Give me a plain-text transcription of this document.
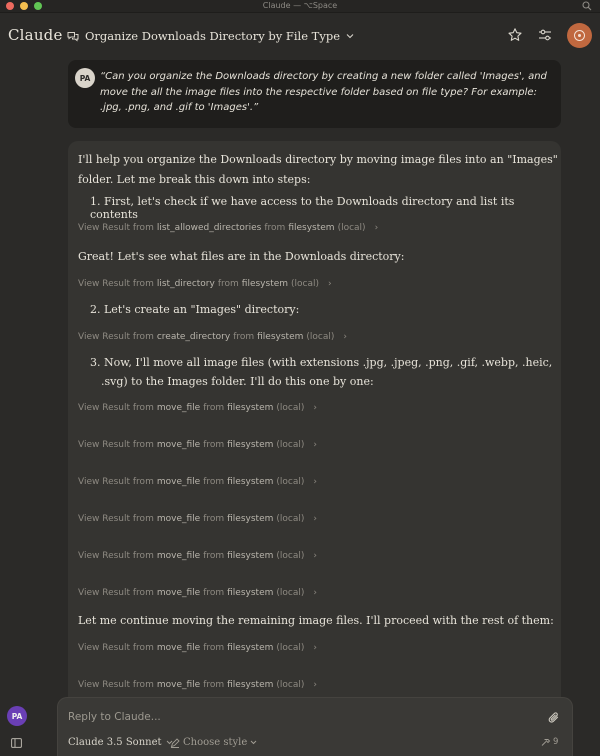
Claude — ⌥Space
Claude Organize Downloads Directory by File Type
PA “Can you organize the Downloads directory by creating a new folder called 'Images', and move the all the image files into the respective folder based on file type? For example: .jpg, .png, and .gif to 'Images'.”
I'll help you organize the Downloads directory by moving image files into an "Images"
folder. Let me break this down into steps:
1. First, let's check if we have access to the Downloads directory and list its contents
View Result from list_allowed_directories from filesystem (local) ›
Great! Let's see what files are in the Downloads directory:
View Result from list_directory from filesystem (local) ›
2. Let's create an "Images" directory:
View Result from create_directory from filesystem (local) ›
3. Now, I'll move all image files (with extensions .jpg, .jpeg, .png, .gif, .webp, .heic,
.svg) to the Images folder. I'll do this one by one:
View Result from move_file from filesystem (local) ›
View Result from move_file from filesystem (local) ›
View Result from move_file from filesystem (local) ›
View Result from move_file from filesystem (local) ›
View Result from move_file from filesystem (local) ›
View Result from move_file from filesystem (local) ›
Let me continue moving the remaining image files. I'll proceed with the rest of them:
View Result from move_file from filesystem (local) ›
View Result from move_file from filesystem (local) ›
PA	Reply to Claude...
Claude 3.5 Sonnet Choose style	9
